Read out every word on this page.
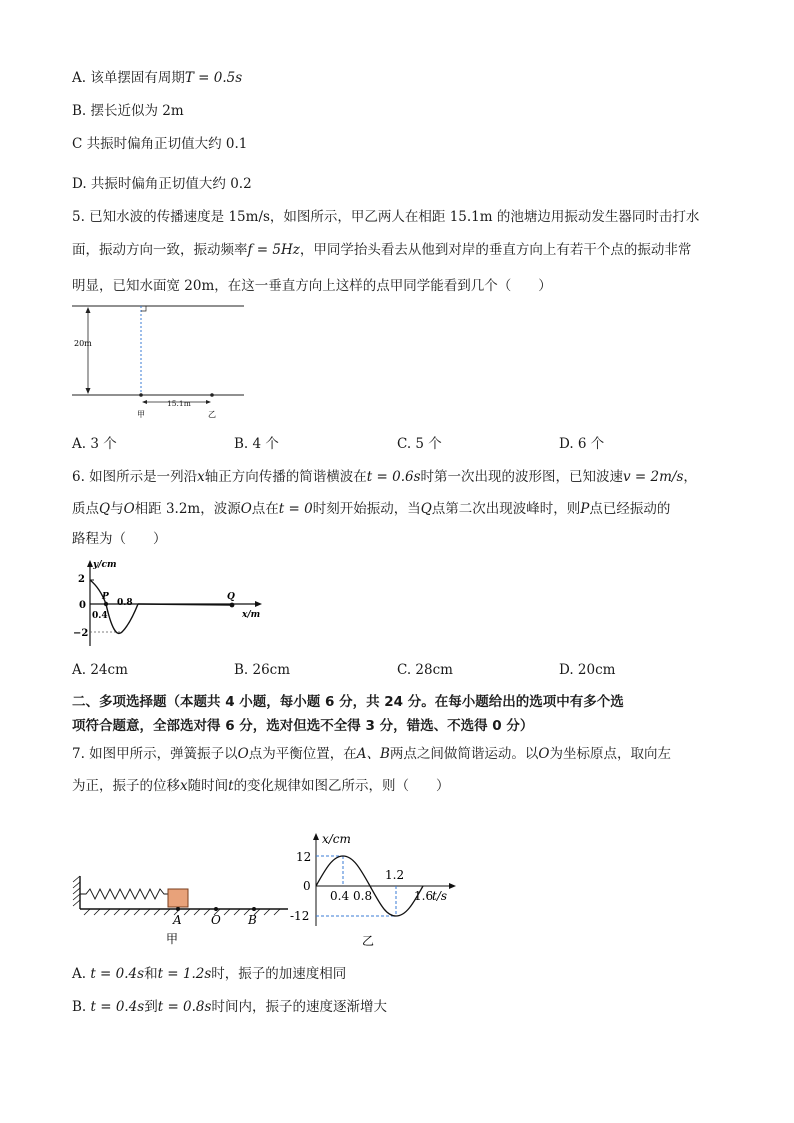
A. 该单摆固有周期T = 0.5s
B. 摆长近似为 2m
C 共振时偏角正切值大约 0.1
D. 共振时偏角正切值大约 0.2
5. 已知水波的传播速度是 15m/s，如图所示，甲乙两人在相距 15.1m 的池塘边用振动发生器同时击打水
面，振动方向一致，振动频率f = 5Hz，甲同学抬头看去从他到对岸的垂直方向上有若干个点的振动非常
明显，已知水面宽 20m，在这一垂直方向上这样的点甲同学能看到几个（　　）
20m
15.1m
甲	乙
A. 3 个	B. 4 个	C. 5 个	D. 6 个
6. 如图所示是一列沿x轴正方向传播的简谐横波在t = 0.6s时第一次出现的波形图，已知波速v = 2m/s，
质点Q与O相距 3.2m，波源O点在t = 0时刻开始振动，当Q点第二次出现波峰时，则P点已经振动的
路程为（　　）
y/cm
x/m
2
0
−2
0.4
0.8
P	Q
A. 24cm	B. 26cm	C. 28cm	D. 20cm
二、多项选择题（本题共 4 小题，每小题 6 分，共 24 分。在每小题给出的选项中有多个选
项符合题意，全部选对得 6 分，选对但选不全得 3 分，错选、不选得 0 分）
7. 如图甲所示，弹簧振子以O点为平衡位置，在A、B两点之间做简谐运动。以O为坐标原点，取向左
为正，振子的位移x随时间t的变化规律如图乙所示，则（　　）
A O B
甲
x/cm
t/s
12
0
-12
0.4 0.8
1.2
1.6
乙
A. t = 0.4s和t = 1.2s时，振子的加速度相同
B. t = 0.4s到t = 0.8s时间内，振子的速度逐渐增大
